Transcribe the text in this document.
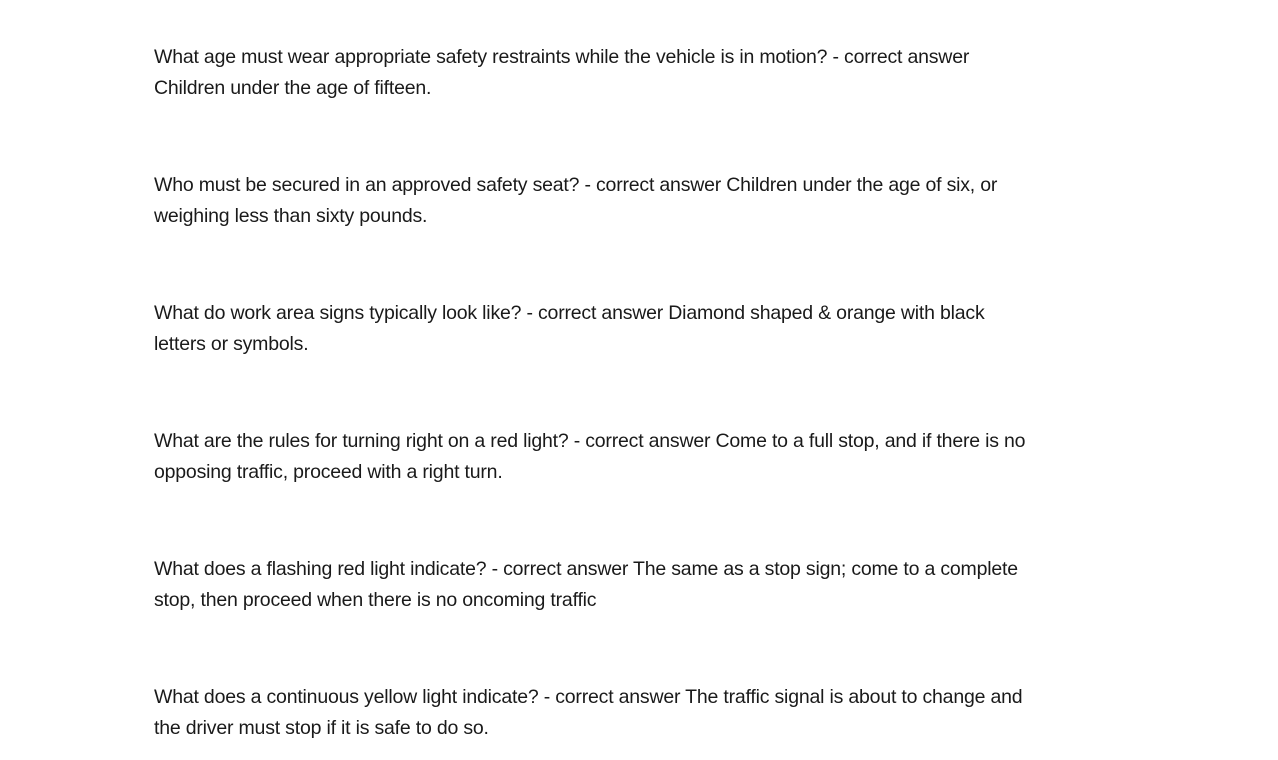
What age must wear appropriate safety restraints while the vehicle is in motion? - correct answer
Children under the age of fifteen.

Who must be secured in an approved safety seat? - correct answer Children under the age of six, or
weighing less than sixty pounds.

What do work area signs typically look like? - correct answer Diamond shaped & orange with black
letters or symbols.

What are the rules for turning right on a red light? - correct answer Come to a full stop, and if there is no
opposing traffic, proceed with a right turn.

What does a flashing red light indicate? - correct answer The same as a stop sign; come to a complete
stop, then proceed when there is no oncoming traffic

What does a continuous yellow light indicate? - correct answer The traffic signal is about to change and
the driver must stop if it is safe to do so.
